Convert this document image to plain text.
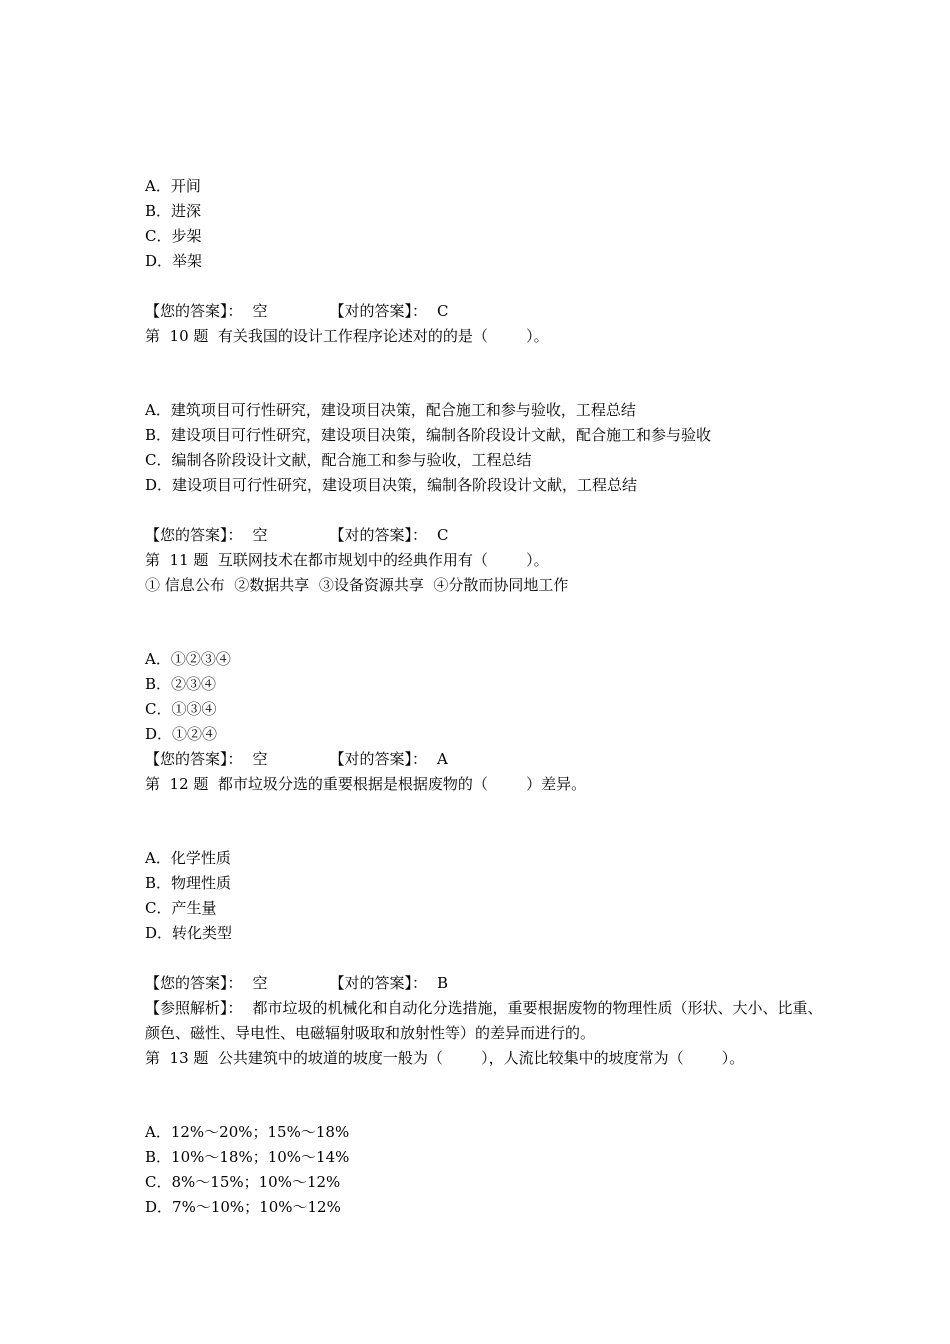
A．开间
B．进深
C．步架
D．举架
【您的答案】： 空	【对的答案】： C
第  10 题  有关我国的设计工作程序论述对的的是（        ）。
A．建筑项目可行性研究，建设项目决策，配合施工和参与验收，工程总结
B．建设项目可行性研究，建设项目决策，编制各阶段设计文献，配合施工和参与验收
C．编制各阶段设计文献，配合施工和参与验收，工程总结
D．建设项目可行性研究，建设项目决策，编制各阶段设计文献，工程总结
【您的答案】： 空	【对的答案】： C
第  11 题  互联网技术在都市规划中的经典作用有（        ）。
① 信息公布  ②数据共享  ③设备资源共享  ④分散而协同地工作
A．①②③④
B．②③④
C．①③④
D．①②④
【您的答案】： 空	【对的答案】： A
第  12 题  都市垃圾分选的重要根据是根据废物的（        ）差异。
A．化学性质
B．物理性质
C．产生量
D．转化类型
【您的答案】： 空	【对的答案】： B
【参照解析】： 都市垃圾的机械化和自动化分选措施，重要根据废物的物理性质（形状、大小、比重、颜色、磁性、导电性、电磁辐射吸取和放射性等）的差异而进行的。
第  13 题  公共建筑中的坡道的坡度一般为（        ），人流比较集中的坡度常为（        ）。
A．12%～20%；15%～18%
B．10%～18%；10%～14%
C．8%～15%；10%～12%
D．7%～10%；10%～12%
